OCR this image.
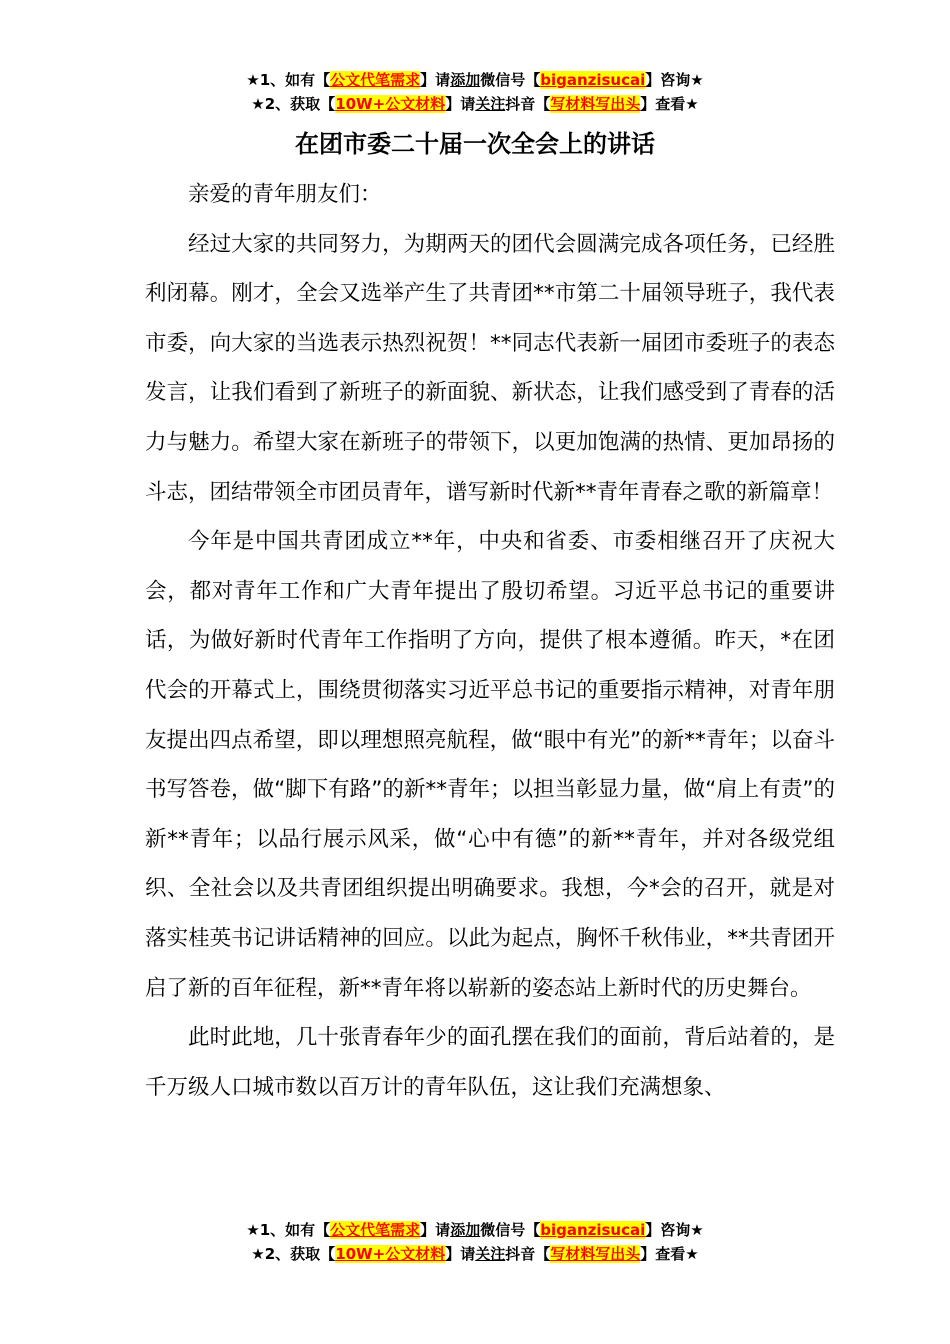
★1、如有【公文代笔需求】请添加微信号【biganzisucai】咨询★
★2、获取【10W+公文材料】请关注抖音【写材料写出头】查看★
在团市委二十届一次全会上的讲话

亲爱的青年朋友们：

经过大家的共同努力，为期两天的团代会圆满完成各项任务，已经胜利闭幕。刚才，全会又选举产生了共青团**市第二十届领导班子，我代表市委，向大家的当选表示热烈祝贺！**同志代表新一届团市委班子的表态发言，让我们看到了新班子的新面貌、新状态，让我们感受到了青春的活力与魅力。希望大家在新班子的带领下，以更加饱满的热情、更加昂扬的斗志，团结带领全市团员青年，谱写新时代新**青年青春之歌的新篇章！

今年是中国共青团成立**年，中央和省委、市委相继召开了庆祝大会，都对青年工作和广大青年提出了殷切希望。习近平总书记的重要讲话，为做好新时代青年工作指明了方向，提供了根本遵循。昨天，*在团代会的开幕式上，围绕贯彻落实习近平总书记的重要指示精神，对青年朋友提出四点希望，即以理想照亮航程，做“眼中有光”的新**青年；以奋斗书写答卷，做“脚下有路”的新**青年；以担当彰显力量，做“肩上有责”的新**青年；以品行展示风采，做“心中有德”的新**青年，并对各级党组织、全社会以及共青团组织提出明确要求。我想，今*会的召开，就是对落实桂英书记讲话精神的回应。以此为起点，胸怀千秋伟业，**共青团开启了新的百年征程，新**青年将以崭新的姿态站上新时代的历史舞台。

此时此地，几十张青春年少的面孔摆在我们的面前，背后站着的，是千万级人口城市数以百万计的青年队伍，这让我们充满想象、

★1、如有【公文代笔需求】请添加微信号【biganzisucai】咨询★
★2、获取【10W+公文材料】请关注抖音【写材料写出头】查看★
